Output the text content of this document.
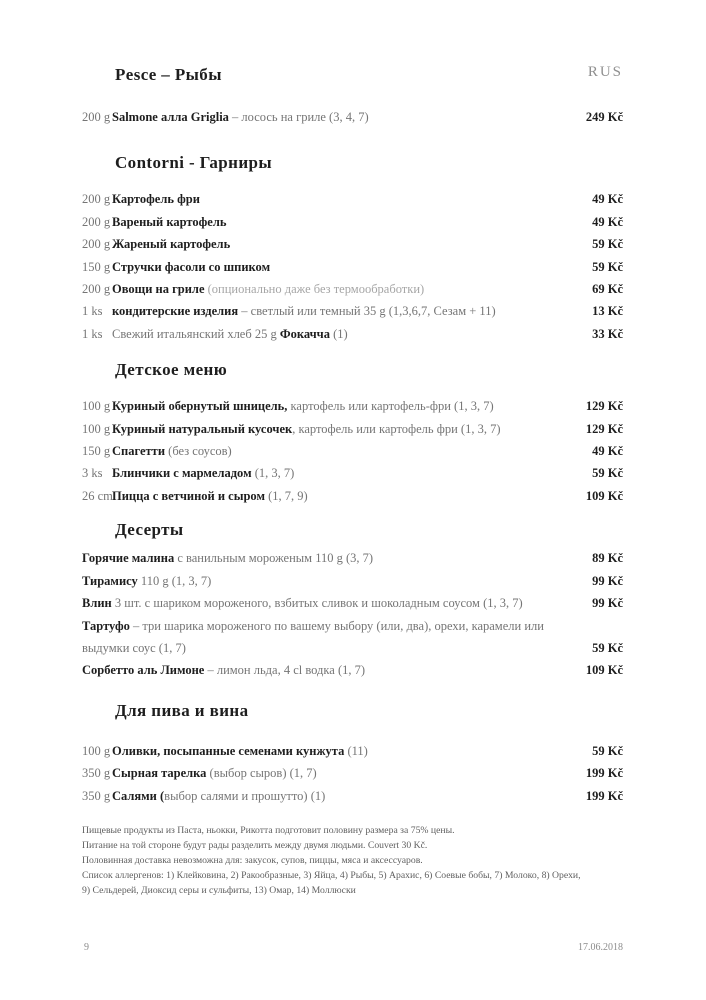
RUS
Pesce – Рыбы
200 g Salmone алла Griglia – лосось на гриле (3, 4, 7)	249 Kč
Contorni - Гарниры
200 g Картофель фри	49 Kč
200 g Вареный картофель	49 Kč
200 g Жареный картофель	59 Kč
150 g Стручки фасоли со шпиком	59 Kč
200 g Овощи на гриле (опционально даже без термообработки)	69 Kč
1 ks кондитерские изделия – светлый или темный 35 g (1,3,6,7, Сезам + 11)	13 Kč
1 ks Свежий итальянский хлеб 25 g Фокачча (1)	33 Kč
Детское меню
100 g Куриный обернутый шницель, картофель или картофель-фри (1, 3, 7)	129 Kč
100 g Куриный натуральный кусочек, картофель или картофель фри (1, 3, 7)	129 Kč
150 g Спагетти (без соусов)	49 Kč
3 ks Блинчики с мармеладом (1, 3, 7)	59 Kč
26 cm Пицца с ветчиной и сыром (1, 7, 9)	109 Kč
Десерты
Горячие малина с ванильным мороженым 110 g (3, 7)	89 Kč
Тирамису 110 g (1, 3, 7)	99 Kč
Влин 3 шт. с шариком мороженого, взбитых сливок и шоколадным соусом (1, 3, 7)	99 Kč
Тартуфо – три шарика мороженого по вашему выбору (или, два), орехи, карамели или выдумки соус (1, 7)	59 Kč
Сорбетто аль Лимоне – лимон льда, 4 cl водка (1, 7)	109 Kč
Для пива и вина
100 g Оливки, посыпанные семенами кунжута (11)	59 Kč
350 g Сырная тарелка (выбор сыров) (1, 7)	199 Kč
350 g Салями (выбор салями и прошутто) (1)	199 Kč
Пищевые продукты из Паста, ньокки, Рикотта подготовит половину размера за 75% цены.
Питание на той стороне будут рады разделить между двумя людьми. Couvert 30 Kč.
Половинная доставка невозможна для: закусок, супов, пиццы, мяса и аксессуаров.
Список аллергенов: 1) Клейковина, 2) Ракообразные, 3) Яйца, 4) Рыбы, 5) Арахис, 6) Соевые бобы, 7) Молоко, 8) Орехи,
9) Сельдерей, Диоксид серы и сульфиты, 13) Омар, 14) Моллюски
9	17.06.2018
